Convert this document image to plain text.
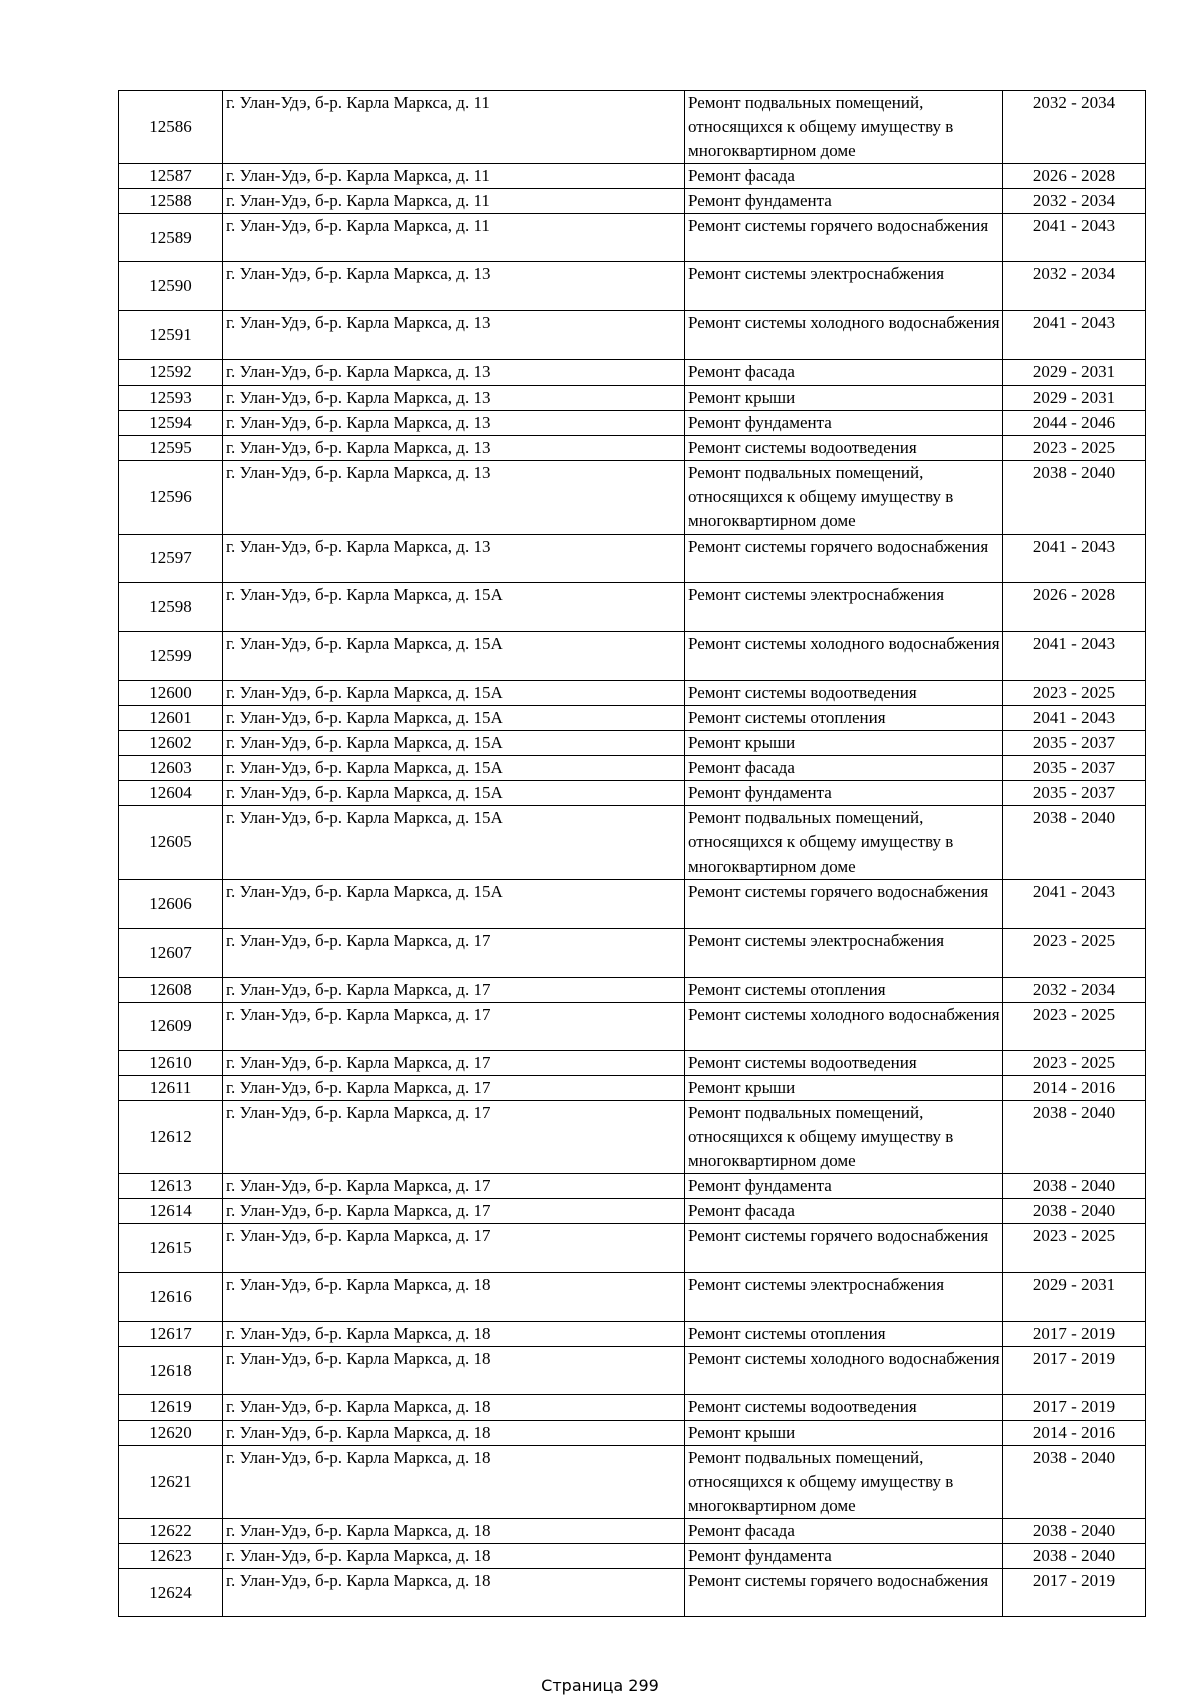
12586	г. Улан-Удэ, б-р. Карла Маркса, д. 11	Ремонт подвальных помещений, относящихся к общему имуществу в многоквартирном доме	2032 - 2034
12587	г. Улан-Удэ, б-р. Карла Маркса, д. 11	Ремонт фасада	2026 - 2028
12588	г. Улан-Удэ, б-р. Карла Маркса, д. 11	Ремонт фундамента	2032 - 2034
12589	г. Улан-Удэ, б-р. Карла Маркса, д. 11	Ремонт системы горячего водоснабжения	2041 - 2043
12590	г. Улан-Удэ, б-р. Карла Маркса, д. 13	Ремонт системы электроснабжения	2032 - 2034
12591	г. Улан-Удэ, б-р. Карла Маркса, д. 13	Ремонт системы холодного водоснабжения	2041 - 2043
12592	г. Улан-Удэ, б-р. Карла Маркса, д. 13	Ремонт фасада	2029 - 2031
12593	г. Улан-Удэ, б-р. Карла Маркса, д. 13	Ремонт крыши	2029 - 2031
12594	г. Улан-Удэ, б-р. Карла Маркса, д. 13	Ремонт фундамента	2044 - 2046
12595	г. Улан-Удэ, б-р. Карла Маркса, д. 13	Ремонт системы водоотведения	2023 - 2025
12596	г. Улан-Удэ, б-р. Карла Маркса, д. 13	Ремонт подвальных помещений, относящихся к общему имуществу в многоквартирном доме	2038 - 2040
12597	г. Улан-Удэ, б-р. Карла Маркса, д. 13	Ремонт системы горячего водоснабжения	2041 - 2043
12598	г. Улан-Удэ, б-р. Карла Маркса, д. 15А	Ремонт системы электроснабжения	2026 - 2028
12599	г. Улан-Удэ, б-р. Карла Маркса, д. 15А	Ремонт системы холодного водоснабжения	2041 - 2043
12600	г. Улан-Удэ, б-р. Карла Маркса, д. 15А	Ремонт системы водоотведения	2023 - 2025
12601	г. Улан-Удэ, б-р. Карла Маркса, д. 15А	Ремонт системы отопления	2041 - 2043
12602	г. Улан-Удэ, б-р. Карла Маркса, д. 15А	Ремонт крыши	2035 - 2037
12603	г. Улан-Удэ, б-р. Карла Маркса, д. 15А	Ремонт фасада	2035 - 2037
12604	г. Улан-Удэ, б-р. Карла Маркса, д. 15А	Ремонт фундамента	2035 - 2037
12605	г. Улан-Удэ, б-р. Карла Маркса, д. 15А	Ремонт подвальных помещений, относящихся к общему имуществу в многоквартирном доме	2038 - 2040
12606	г. Улан-Удэ, б-р. Карла Маркса, д. 15А	Ремонт системы горячего водоснабжения	2041 - 2043
12607	г. Улан-Удэ, б-р. Карла Маркса, д. 17	Ремонт системы электроснабжения	2023 - 2025
12608	г. Улан-Удэ, б-р. Карла Маркса, д. 17	Ремонт системы отопления	2032 - 2034
12609	г. Улан-Удэ, б-р. Карла Маркса, д. 17	Ремонт системы холодного водоснабжения	2023 - 2025
12610	г. Улан-Удэ, б-р. Карла Маркса, д. 17	Ремонт системы водоотведения	2023 - 2025
12611	г. Улан-Удэ, б-р. Карла Маркса, д. 17	Ремонт крыши	2014 - 2016
12612	г. Улан-Удэ, б-р. Карла Маркса, д. 17	Ремонт подвальных помещений, относящихся к общему имуществу в многоквартирном доме	2038 - 2040
12613	г. Улан-Удэ, б-р. Карла Маркса, д. 17	Ремонт фундамента	2038 - 2040
12614	г. Улан-Удэ, б-р. Карла Маркса, д. 17	Ремонт фасада	2038 - 2040
12615	г. Улан-Удэ, б-р. Карла Маркса, д. 17	Ремонт системы горячего водоснабжения	2023 - 2025
12616	г. Улан-Удэ, б-р. Карла Маркса, д. 18	Ремонт системы электроснабжения	2029 - 2031
12617	г. Улан-Удэ, б-р. Карла Маркса, д. 18	Ремонт системы отопления	2017 - 2019
12618	г. Улан-Удэ, б-р. Карла Маркса, д. 18	Ремонт системы холодного водоснабжения	2017 - 2019
12619	г. Улан-Удэ, б-р. Карла Маркса, д. 18	Ремонт системы водоотведения	2017 - 2019
12620	г. Улан-Удэ, б-р. Карла Маркса, д. 18	Ремонт крыши	2014 - 2016
12621	г. Улан-Удэ, б-р. Карла Маркса, д. 18	Ремонт подвальных помещений, относящихся к общему имуществу в многоквартирном доме	2038 - 2040
12622	г. Улан-Удэ, б-р. Карла Маркса, д. 18	Ремонт фасада	2038 - 2040
12623	г. Улан-Удэ, б-р. Карла Маркса, д. 18	Ремонт фундамента	2038 - 2040
12624	г. Улан-Удэ, б-р. Карла Маркса, д. 18	Ремонт системы горячего водоснабжения	2017 - 2019
Страница 299
